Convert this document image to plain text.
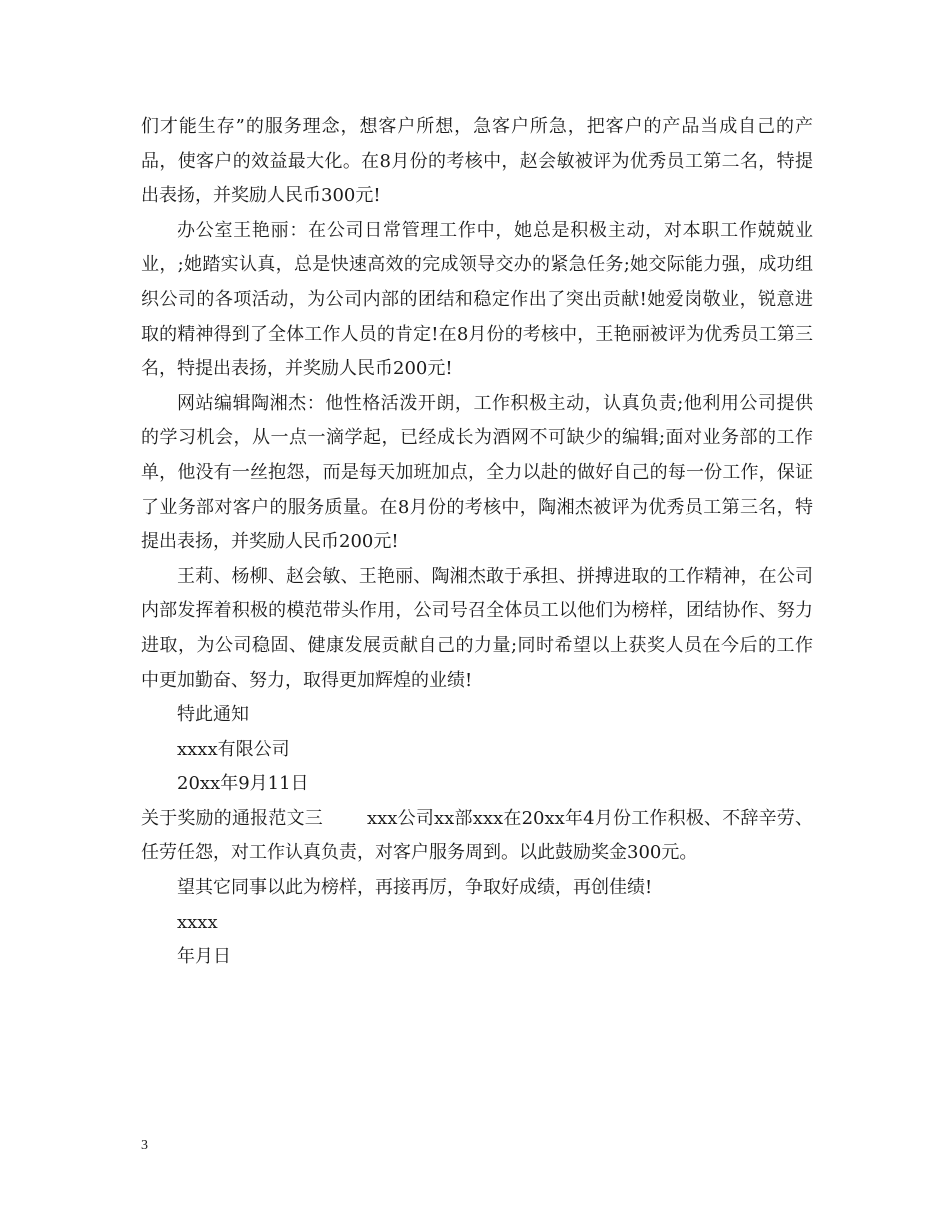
们才能生存”的服务理念，想客户所想，急客户所急，把客户的产品当成自己的产品，使客户的效益最大化。在8月份的考核中，赵会敏被评为优秀员工第二名，特提出表扬，并奖励人民币300元!

办公室王艳丽：在公司日常管理工作中，她总是积极主动，对本职工作兢兢业业，;她踏实认真，总是快速高效的完成领导交办的紧急任务;她交际能力强，成功组织公司的各项活动，为公司内部的团结和稳定作出了突出贡献!她爱岗敬业，锐意进取的精神得到了全体工作人员的肯定!在8月份的考核中，王艳丽被评为优秀员工第三名，特提出表扬，并奖励人民币200元!

网站编辑陶湘杰：他性格活泼开朗，工作积极主动，认真负责;他利用公司提供的学习机会，从一点一滴学起，已经成长为酒网不可缺少的编辑;面对业务部的工作单，他没有一丝抱怨，而是每天加班加点，全力以赴的做好自己的每一份工作，保证了业务部对客户的服务质量。在8月份的考核中，陶湘杰被评为优秀员工第三名，特提出表扬，并奖励人民币200元!

王莉、杨柳、赵会敏、王艳丽、陶湘杰敢于承担、拼搏进取的工作精神，在公司内部发挥着积极的模范带头作用，公司号召全体员工以他们为榜样，团结协作、努力进取，为公司稳固、健康发展贡献自己的力量;同时希望以上获奖人员在今后的工作中更加勤奋、努力，取得更加辉煌的业绩!

特此通知

xxxx有限公司

20xx年9月11日

关于奖励的通报范文三 xxx公司xx部xxx在20xx年4月份工作积极、不辞辛劳、任劳任怨，对工作认真负责，对客户服务周到。以此鼓励奖金300元。

望其它同事以此为榜样，再接再厉，争取好成绩，再创佳绩!

xxxx

年月日

3
